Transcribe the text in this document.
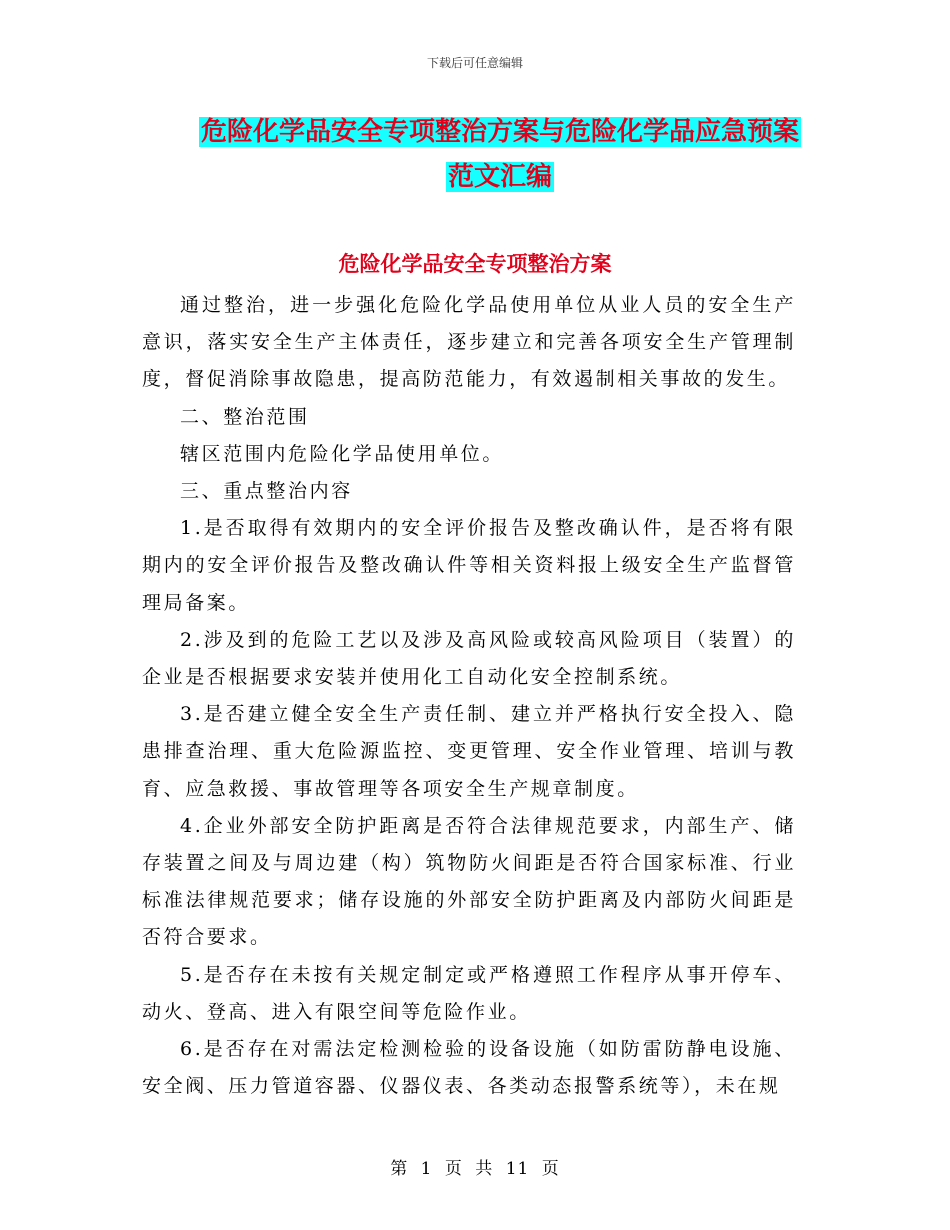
下载后可任意编辑
危险化学品安全专项整治方案与危险化学品应急预案
范文汇编
危险化学品安全专项整治方案

通过整治，进一步强化危险化学品使用单位从业人员的安全生产意识，落实安全生产主体责任，逐步建立和完善各项安全生产管理制度，督促消除事故隐患，提高防范能力，有效遏制相关事故的发生。

二、整治范围

辖区范围内危险化学品使用单位。

三、重点整治内容

1.是否取得有效期内的安全评价报告及整改确认件，是否将有限期内的安全评价报告及整改确认件等相关资料报上级安全生产监督管理局备案。

2.涉及到的危险工艺以及涉及高风险或较高风险项目（装置）的企业是否根据要求安装并使用化工自动化安全控制系统。

3.是否建立健全安全生产责任制、建立并严格执行安全投入、隐患排查治理、重大危险源监控、变更管理、安全作业管理、培训与教育、应急救援、事故管理等各项安全生产规章制度。

4.企业外部安全防护距离是否符合法律规范要求，内部生产、储存装置之间及与周边建（构）筑物防火间距是否符合国家标准、行业标准法律规范要求；储存设施的外部安全防护距离及内部防火间距是否符合要求。

5.是否存在未按有关规定制定或严格遵照工作程序从事开停车、动火、登高、进入有限空间等危险作业。

6.是否存在对需法定检测检验的设备设施（如防雷防静电设施、安全阀、压力管道容器、仪器仪表、各类动态报警系统等），未在规

第 1 页 共 11 页
